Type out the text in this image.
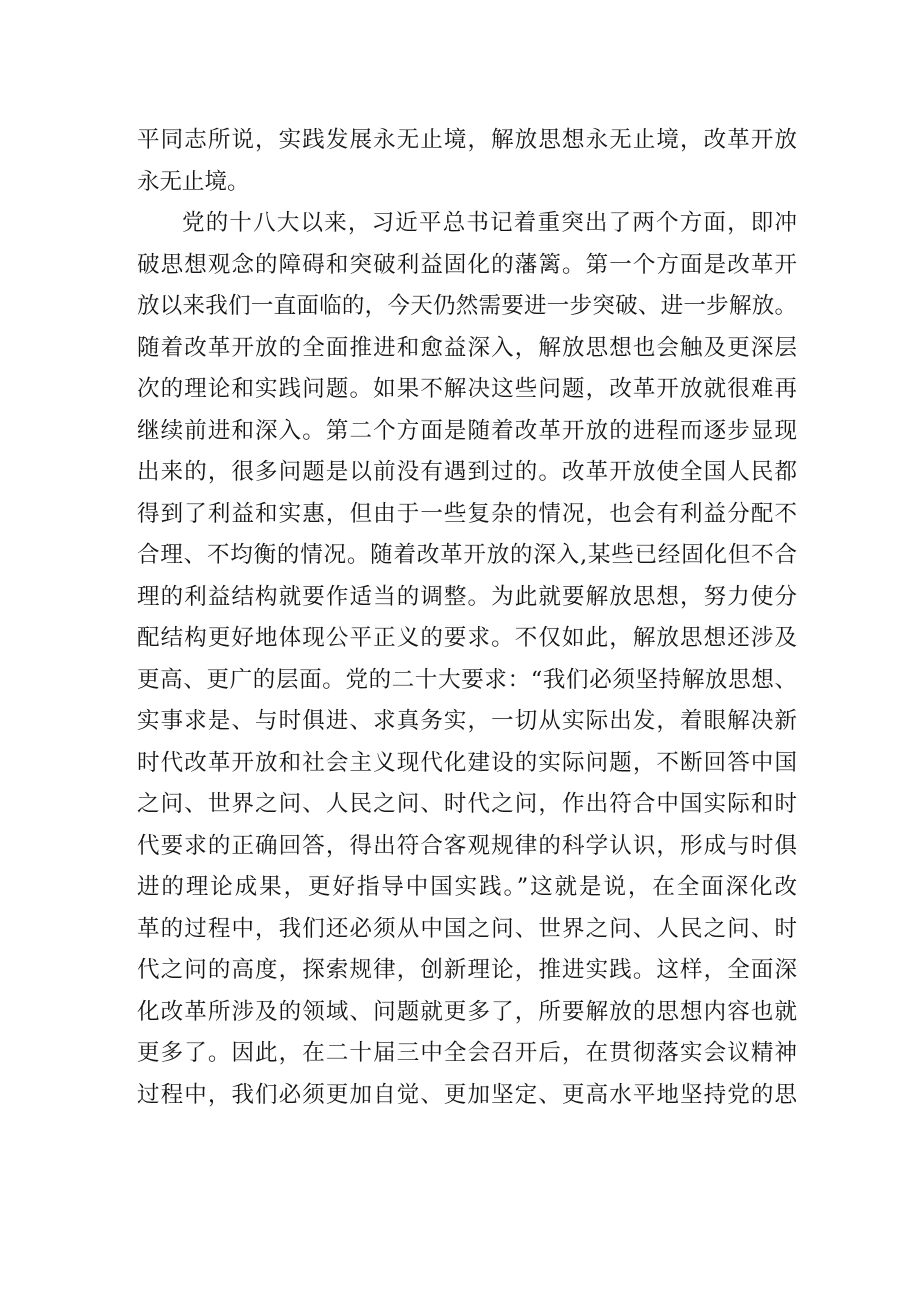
平同志所说，实践发展永无止境，解放思想永无止境，改革开放
永无止境。
党的十八大以来，习近平总书记着重突出了两个方面，即冲
破思想观念的障碍和突破利益固化的藩篱。第一个方面是改革开
放以来我们一直面临的，今天仍然需要进一步突破、进一步解放。
随着改革开放的全面推进和愈益深入，解放思想也会触及更深层
次的理论和实践问题。如果不解决这些问题，改革开放就很难再
继续前进和深入。第二个方面是随着改革开放的进程而逐步显现
出来的，很多问题是以前没有遇到过的。改革开放使全国人民都
得到了利益和实惠，但由于一些复杂的情况，也会有利益分配不
合理、不均衡的情况。随着改革开放的深入,某些已经固化但不合
理的利益结构就要作适当的调整。为此就要解放思想，努力使分
配结构更好地体现公平正义的要求。不仅如此，解放思想还涉及
更高、更广的层面。党的二十大要求：“我们必须坚持解放思想、
实事求是、与时俱进、求真务实，一切从实际出发，着眼解决新
时代改革开放和社会主义现代化建设的实际问题，不断回答中国
之问、世界之问、人民之问、时代之问，作出符合中国实际和时
代要求的正确回答，得出符合客观规律的科学认识，形成与时俱
进的理论成果，更好指导中国实践。”这就是说，在全面深化改
革的过程中，我们还必须从中国之问、世界之问、人民之问、时
代之问的高度，探索规律，创新理论，推进实践。这样，全面深
化改革所涉及的领域、问题就更多了，所要解放的思想内容也就
更多了。因此，在二十届三中全会召开后，在贯彻落实会议精神
过程中，我们必须更加自觉、更加坚定、更高水平地坚持党的思
